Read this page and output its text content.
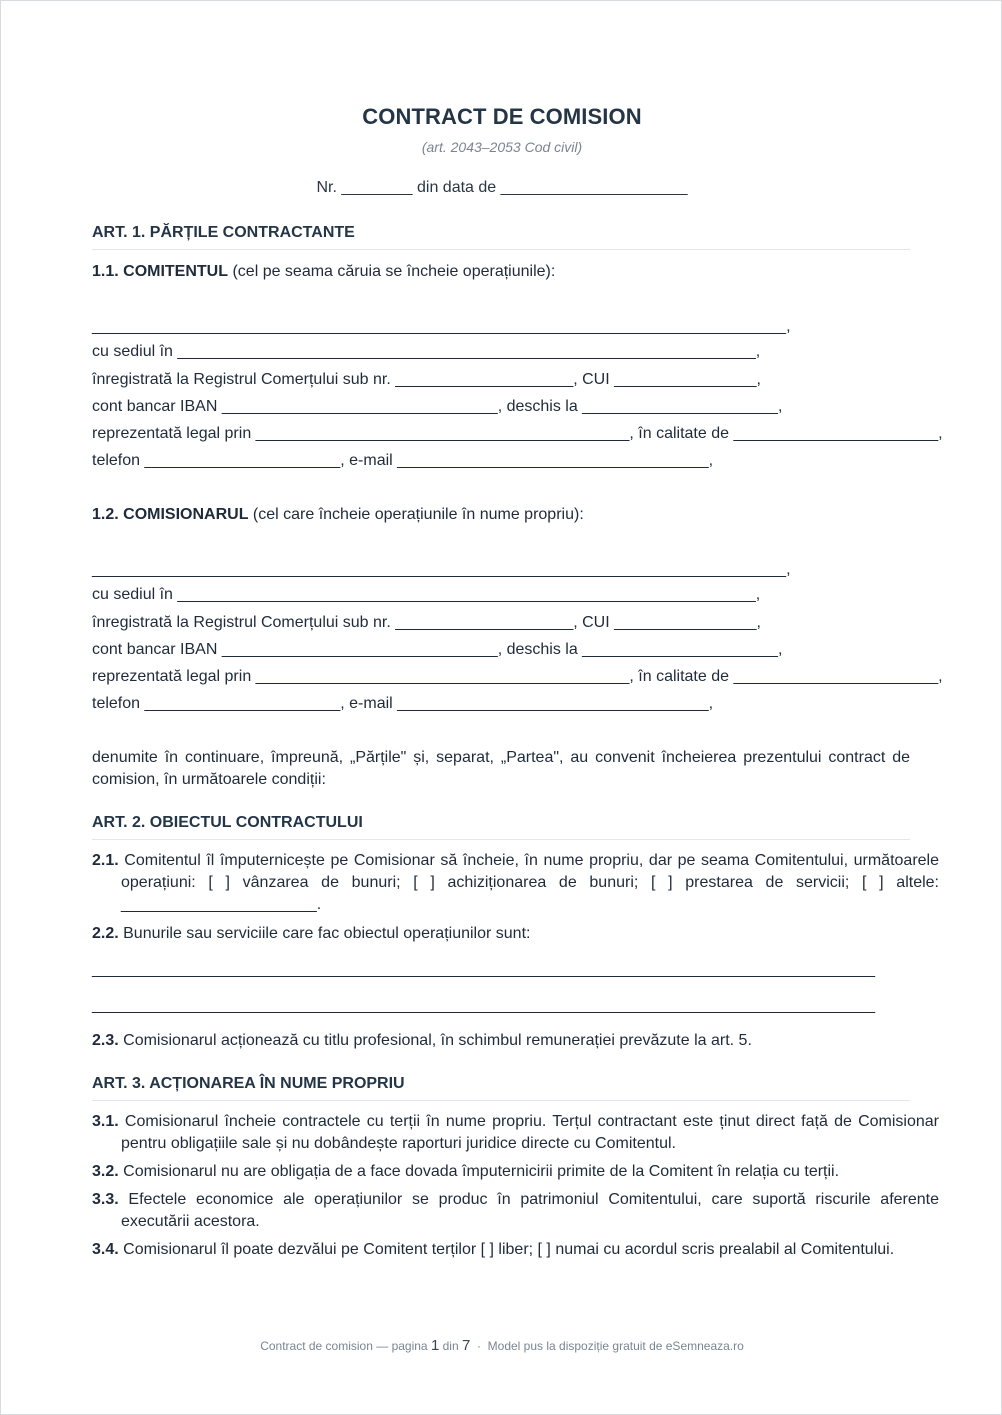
CONTRACT DE COMISION
(art. 2043–2053 Cod civil)
Nr. ________ din data de _____________________
ART. 1. PĂRȚILE CONTRACTANTE
1.1. COMITENTUL (cel pe seama căruia se încheie operațiunile):
______________________________________________________________________________,
cu sediul în _________________________________________________________________,
înregistrată la Registrul Comerțului sub nr. ____________________, CUI ________________,
cont bancar IBAN _______________________________, deschis la ______________________,
reprezentată legal prin __________________________________________, în calitate de _______________________,
telefon ______________________, e-mail ___________________________________,
1.2. COMISIONARUL (cel care încheie operațiunile în nume propriu):
______________________________________________________________________________,
cu sediul în _________________________________________________________________,
înregistrată la Registrul Comerțului sub nr. ____________________, CUI ________________,
cont bancar IBAN _______________________________, deschis la ______________________,
reprezentată legal prin __________________________________________, în calitate de _______________________,
telefon ______________________, e-mail ___________________________________,
denumite în continuare, împreună, „Părțile" și, separat, „Partea", au convenit încheierea prezentului contract de comision, în următoarele condiții:
ART. 2. OBIECTUL CONTRACTULUI
2.1. Comitentul îl împuternicește pe Comisionar să încheie, în nume propriu, dar pe seama Comitentului, următoarele operațiuni: [ ] vânzarea de bunuri; [ ] achiziționarea de bunuri; [ ] prestarea de servicii; [ ] altele: ______________________.
2.2. Bunurile sau serviciile care fac obiectul operațiunilor sunt:
________________________________________________________________________________________
________________________________________________________________________________________
2.3. Comisionarul acționează cu titlu profesional, în schimbul remunerației prevăzute la art. 5.
ART. 3. ACȚIONAREA ÎN NUME PROPRIU
3.1. Comisionarul încheie contractele cu terții în nume propriu. Terțul contractant este ținut direct față de Comisionar pentru obligațiile sale și nu dobândește raporturi juridice directe cu Comitentul.
3.2. Comisionarul nu are obligația de a face dovada împuternicirii primite de la Comitent în relația cu terții.
3.3. Efectele economice ale operațiunilor se produc în patrimoniul Comitentului, care suportă riscurile aferente executării acestora.
3.4. Comisionarul îl poate dezvălui pe Comitent terților [ ] liber; [ ] numai cu acordul scris prealabil al Comitentului.
Contract de comision — pagina 1 din 7  ·  Model pus la dispoziție gratuit de eSemneaza.ro
